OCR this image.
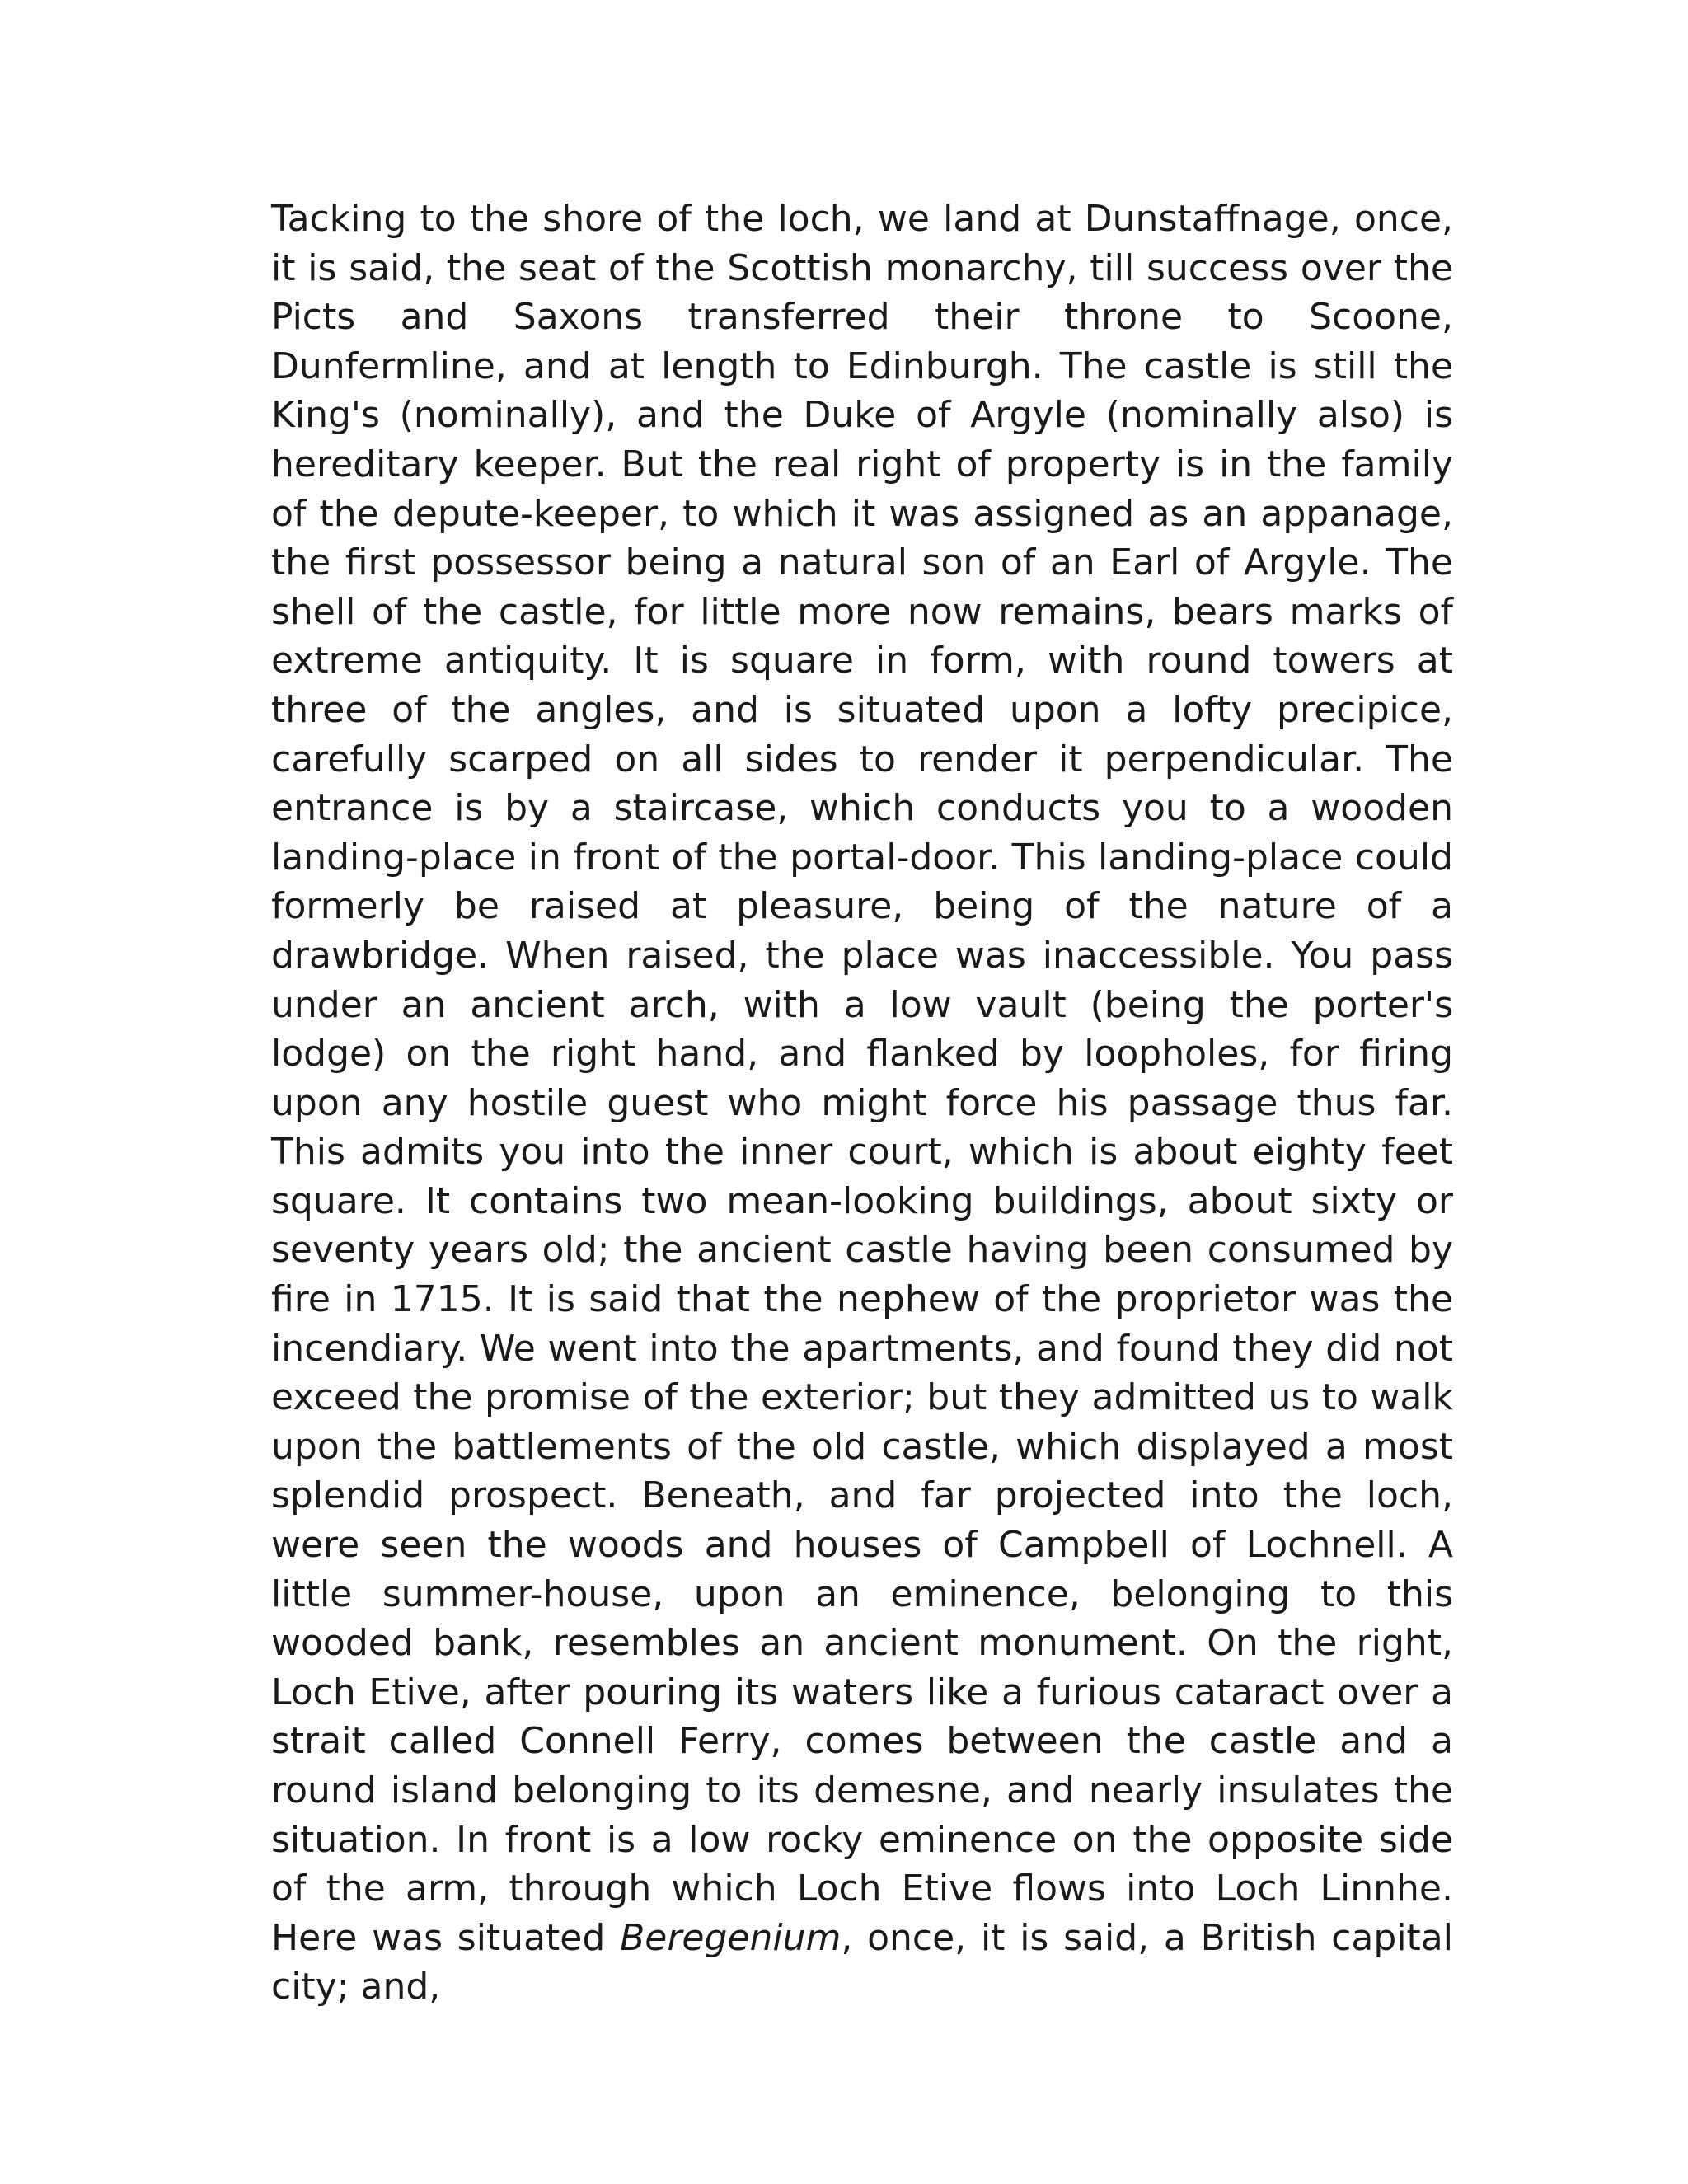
Tacking to the shore of the loch, we land at Dunstaffnage, once, it is said, the seat of the Scottish monarchy, till success over the Picts and Saxons transferred their throne to Scoone, Dunfermline, and at length to Edinburgh. The castle is still the King's (nominally), and the Duke of Argyle (nominally also) is hereditary keeper. But the real right of property is in the family of the depute-keeper, to which it was assigned as an appanage, the first possessor being a natural son of an Earl of Argyle. The shell of the castle, for little more now remains, bears marks of extreme antiquity. It is square in form, with round towers at three of the angles, and is situated upon a lofty precipice, carefully scarped on all sides to render it perpendicular. The entrance is by a staircase, which conducts you to a wooden landing-place in front of the portal-door. This landing-place could formerly be raised at pleasure, being of the nature of a drawbridge. When raised, the place was inaccessible. You pass under an ancient arch, with a low vault (being the porter's lodge) on the right hand, and flanked by loopholes, for firing upon any hostile guest who might force his passage thus far. This admits you into the inner court, which is about eighty feet square. It contains two mean-looking buildings, about sixty or seventy years old; the ancient castle having been consumed by fire in 1715. It is said that the nephew of the proprietor was the incendiary. We went into the apartments, and found they did not exceed the promise of the exterior; but they admitted us to walk upon the battlements of the old castle, which displayed a most splendid prospect. Beneath, and far projected into the loch, were seen the woods and houses of Campbell of Lochnell. A little summer-house, upon an eminence, belonging to this wooded bank, resembles an ancient monument. On the right, Loch Etive, after pouring its waters like a furious cataract over a strait called Connell Ferry, comes between the castle and a round island belonging to its demesne, and nearly insulates the situation. In front is a low rocky eminence on the opposite side of the arm, through which Loch Etive flows into Loch Linnhe. Here was situated Beregenium, once, it is said, a British capital city; and,
